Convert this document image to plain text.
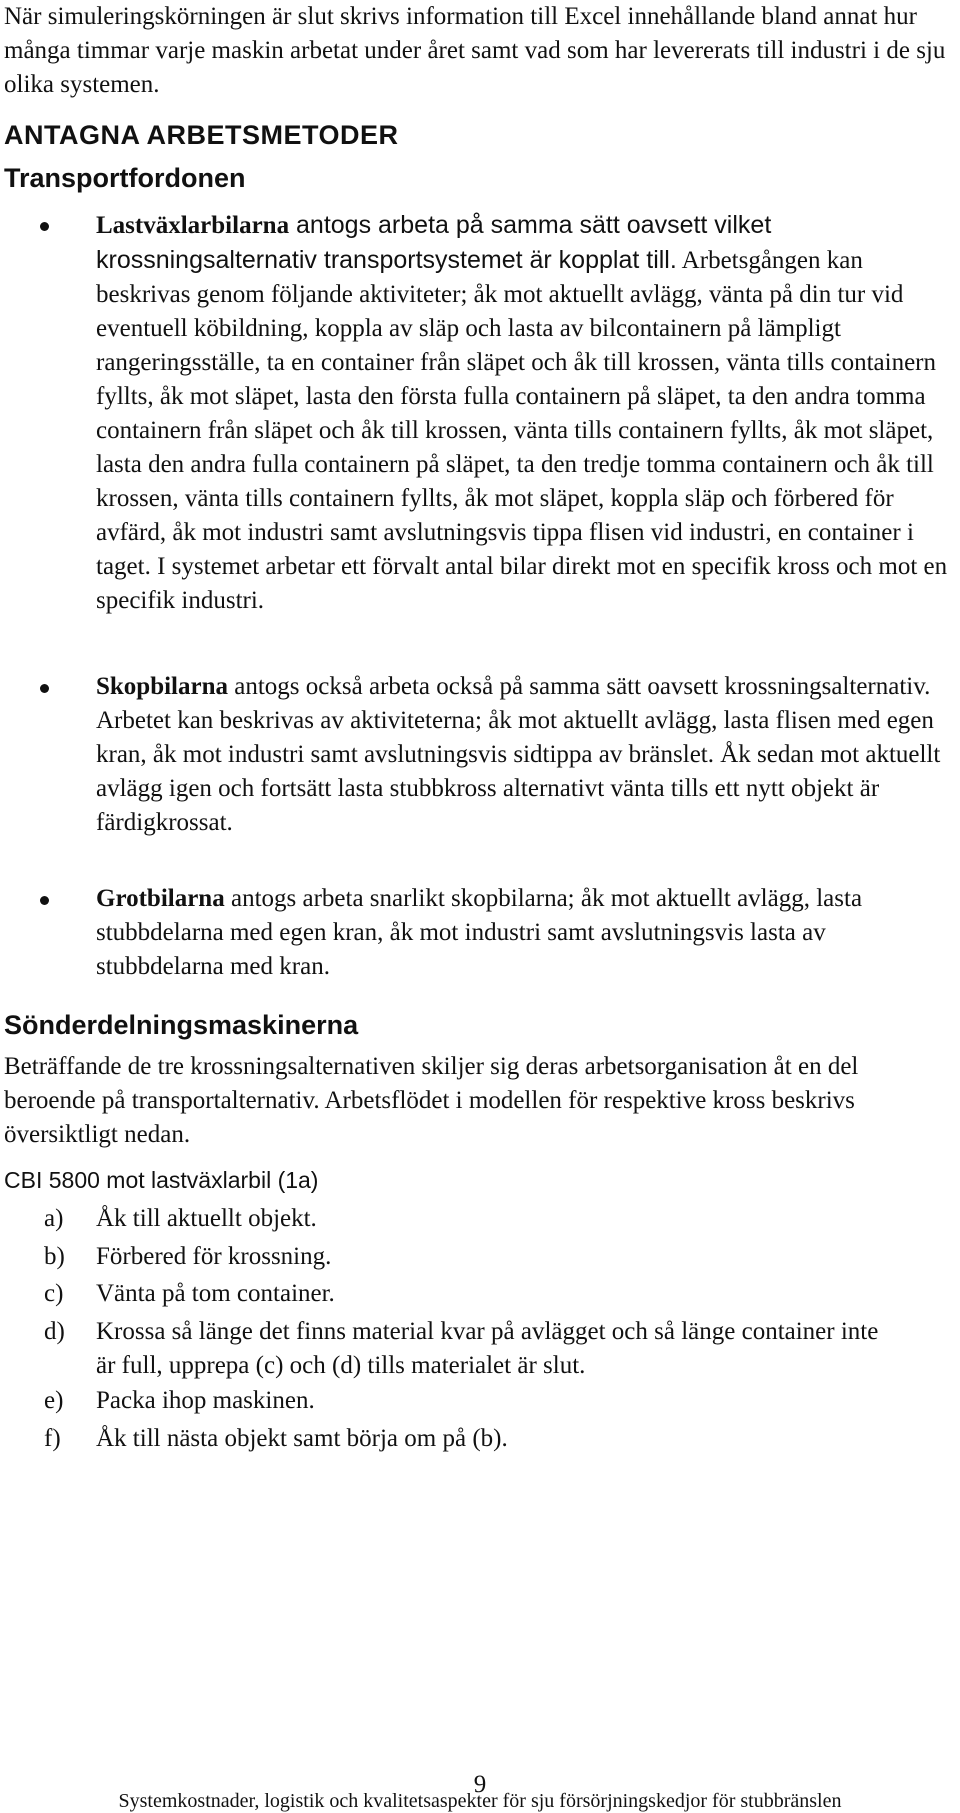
När simuleringskörningen är slut skrivs information till Excel innehållande bland annat hur många timmar varje maskin arbetat under året samt vad som har levererats till industri i de sju olika systemen.

ANTAGNA ARBETSMETODER
Transportfordonen

Lastväxlarbilarna antogs arbeta på samma sätt oavsett vilket krossningsalternativ transportsystemet är kopplat till. Arbetsgången kan beskrivas genom följande aktiviteter; åk mot aktuellt avlägg, vänta på din tur vid eventuell köbildning, koppla av släp och lasta av bilcontainern på lämpligt rangeringsställe, ta en container från släpet och åk till krossen, vänta tills containern fyllts, åk mot släpet, lasta den första fulla containern på släpet, ta den andra tomma containern från släpet och åk till krossen, vänta tills containern fyllts, åk mot släpet, lasta den andra fulla containern på släpet, ta den tredje tomma containern och åk till krossen, vänta tills containern fyllts, åk mot släpet, koppla släp och förbered för avfärd, åk mot industri samt avslutningsvis tippa flisen vid industri, en container i taget. I systemet arbetar ett förvalt antal bilar direkt mot en specifik kross och mot en specifik industri.

Skopbilarna antogs också arbeta också på samma sätt oavsett krossningsalternativ. Arbetet kan beskrivas av aktiviteterna; åk mot aktuellt avlägg, lasta flisen med egen kran, åk mot industri samt avslutningsvis sidtippa av bränslet. Åk sedan mot aktuellt avlägg igen och fortsätt lasta stubbkross alternativt vänta tills ett nytt objekt är färdigkrossat.

Grotbilarna antogs arbeta snarlikt skopbilarna; åk mot aktuellt avlägg, lasta stubbdelarna med egen kran, åk mot industri samt avslutningsvis lasta av stubbdelarna med kran.

Sönderdelningsmaskinerna

Beträffande de tre krossningsalternativen skiljer sig deras arbetsorganisation åt en del beroende på transportalternativ. Arbetsflödet i modellen för respektive kross beskrivs översiktligt nedan.

CBI 5800 mot lastväxlarbil (1a)
a) Åk till aktuellt objekt.
b) Förbered för krossning.
c) Vänta på tom container.
d) Krossa så länge det finns material kvar på avlägget och så länge container inte är full, upprepa (c) och (d) tills materialet är slut.
e) Packa ihop maskinen.
f) Åk till nästa objekt samt börja om på (b).
9
Systemkostnader, logistik och kvalitetsaspekter för sju försörjningskedjor för stubbränslen
